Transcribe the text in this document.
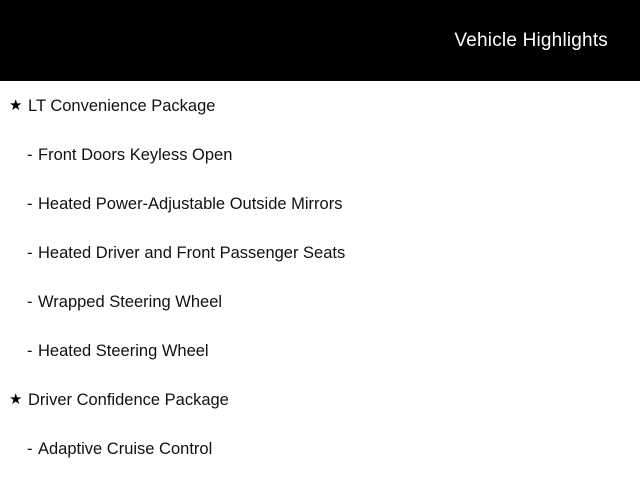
Vehicle Highlights
★ LT Convenience Package
- Front Doors Keyless Open
- Heated Power-Adjustable Outside Mirrors
- Heated Driver and Front Passenger Seats
- Wrapped Steering Wheel
- Heated Steering Wheel
★ Driver Confidence Package
- Adaptive Cruise Control
